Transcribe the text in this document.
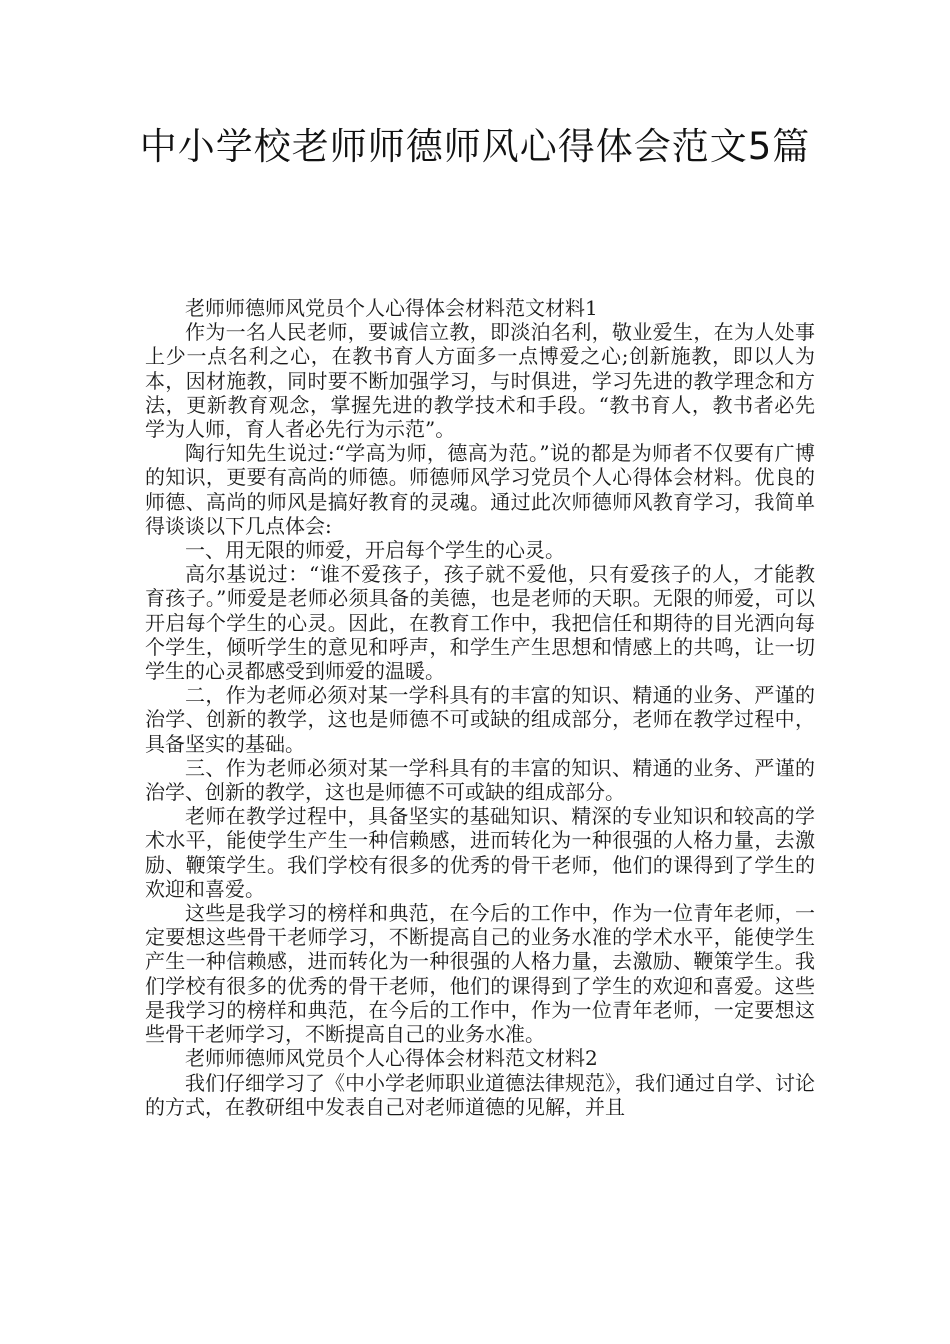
中小学校老师师德师风心得体会范文5篇

老师师德师风党员个人心得体会材料范文材料1

作为一名人民老师，要诚信立教，即淡泊名利，敬业爱生，在为人处事上少一点名利之心，在教书育人方面多一点博爱之心;创新施教，即以人为本，因材施教，同时要不断加强学习，与时俱进，学习先进的教学理念和方法，更新教育观念，掌握先进的教学技术和手段。“教书育人，教书者必先学为人师，育人者必先行为示范”。

陶行知先生说过:“学高为师，德高为范。”说的都是为师者不仅要有广博的知识，更要有高尚的师德。师德师风学习党员个人心得体会材料。优良的师德、高尚的师风是搞好教育的灵魂。通过此次师德师风教育学习，我简单得谈谈以下几点体会:

一、用无限的师爱，开启每个学生的心灵。

高尔基说过：“谁不爱孩子，孩子就不爱他，只有爱孩子的人，才能教育孩子。”师爱是老师必须具备的美德，也是老师的天职。无限的师爱，可以开启每个学生的心灵。因此，在教育工作中，我把信任和期待的目光洒向每个学生，倾听学生的意见和呼声，和学生产生思想和情感上的共鸣，让一切学生的心灵都感受到师爱的温暖。

二，作为老师必须对某一学科具有的丰富的知识、精通的业务、严谨的治学、创新的教学，这也是师德不可或缺的组成部分，老师在教学过程中，具备坚实的基础。

三、作为老师必须对某一学科具有的丰富的知识、精通的业务、严谨的治学、创新的教学，这也是师德不可或缺的组成部分。

老师在教学过程中，具备坚实的基础知识、精深的专业知识和较高的学术水平，能使学生产生一种信赖感，进而转化为一种很强的人格力量，去激励、鞭策学生。我们学校有很多的优秀的骨干老师，他们的课得到了学生的欢迎和喜爱。

这些是我学习的榜样和典范，在今后的工作中，作为一位青年老师，一定要想这些骨干老师学习，不断提高自己的业务水准的学术水平，能使学生产生一种信赖感，进而转化为一种很强的人格力量，去激励、鞭策学生。我们学校有很多的优秀的骨干老师，他们的课得到了学生的欢迎和喜爱。这些是我学习的榜样和典范，在今后的工作中，作为一位青年老师，一定要想这些骨干老师学习，不断提高自己的业务水准。

老师师德师风党员个人心得体会材料范文材料2

我们仔细学习了《中小学老师职业道德法律规范》，我们通过自学、讨论的方式，在教研组中发表自己对老师道德的见解，并且
